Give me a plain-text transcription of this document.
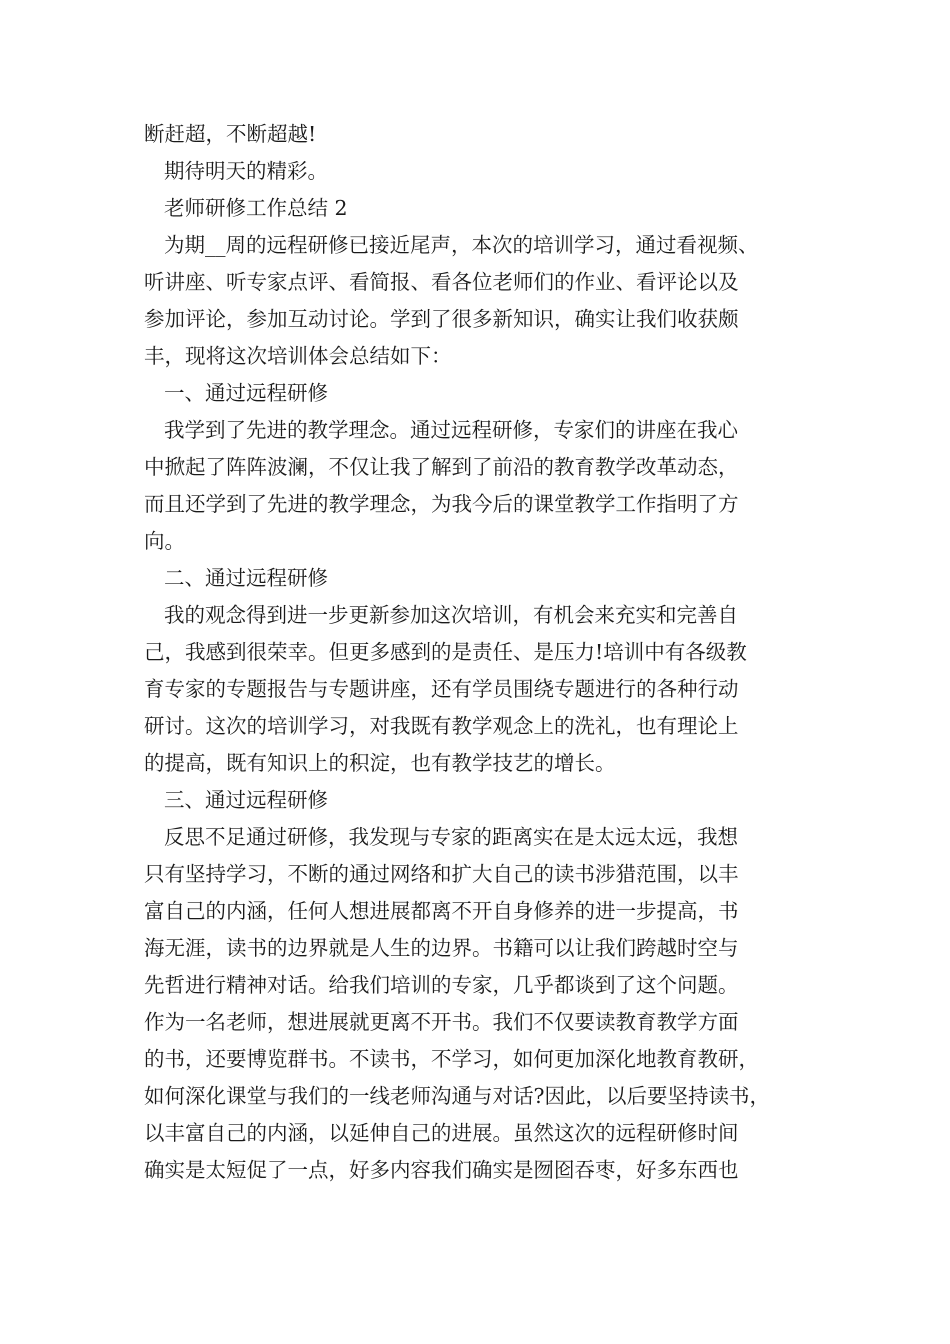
断赶超，不断超越!
期待明天的精彩。
老师研修工作总结 2
为期__周的远程研修已接近尾声，本次的培训学习，通过看视频、
听讲座、听专家点评、看简报、看各位老师们的作业、看评论以及
参加评论，参加互动讨论。学到了很多新知识，确实让我们收获颇
丰，现将这次培训体会总结如下：
一、通过远程研修
我学到了先进的教学理念。通过远程研修，专家们的讲座在我心
中掀起了阵阵波澜，不仅让我了解到了前沿的教育教学改革动态，
而且还学到了先进的教学理念，为我今后的课堂教学工作指明了方
向。
二、通过远程研修
我的观念得到进一步更新参加这次培训，有机会来充实和完善自
己，我感到很荣幸。但更多感到的是责任、是压力!培训中有各级教
育专家的专题报告与专题讲座，还有学员围绕专题进行的各种行动
研讨。这次的培训学习，对我既有教学观念上的洗礼，也有理论上
的提高，既有知识上的积淀，也有教学技艺的增长。
三、通过远程研修
反思不足通过研修，我发现与专家的距离实在是太远太远，我想
只有坚持学习，不断的通过网络和扩大自己的读书涉猎范围，以丰
富自己的内涵，任何人想进展都离不开自身修养的进一步提高，书
海无涯，读书的边界就是人生的边界。书籍可以让我们跨越时空与
先哲进行精神对话。给我们培训的专家，几乎都谈到了这个问题。
作为一名老师，想进展就更离不开书。我们不仅要读教育教学方面
的书，还要博览群书。不读书，不学习，如何更加深化地教育教研，
如何深化课堂与我们的一线老师沟通与对话?因此，以后要坚持读书，
以丰富自己的内涵，以延伸自己的进展。虽然这次的远程研修时间
确实是太短促了一点，好多内容我们确实是囫囵吞枣，好多东西也
